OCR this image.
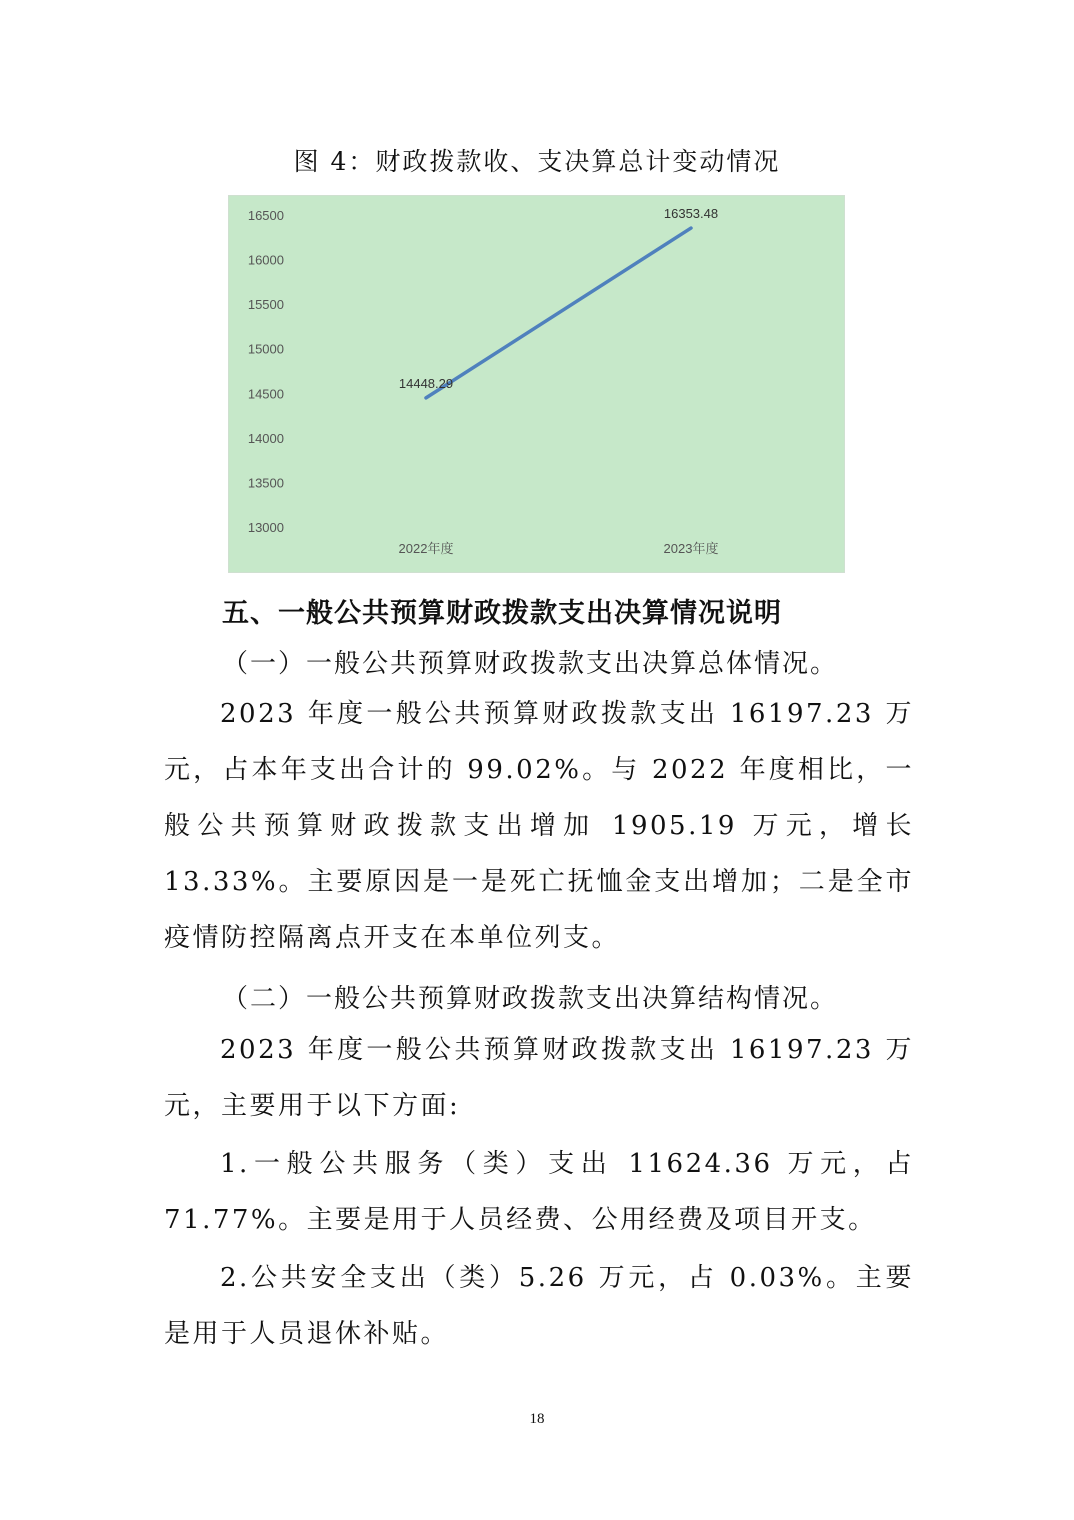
图 4：财政拨款收、支决算总计变动情况
13000
13500
14000
14500
15000
15500
16000
16500
2022年度	2023年度
14448.29
16353.48
五、一般公共预算财政拨款支出决算情况说明
（一）一般公共预算财政拨款支出决算总体情况。

2023 年度一般公共预算财政拨款支出 16197.23 万元，占本年支出合计的 99.02%。与 2022 年度相比，一般公共预算财政拨款支出增加 1905.19 万元，增长 13.33%。主要原因是一是死亡抚恤金支出增加；二是全市疫情防控隔离点开支在本单位列支。

（二）一般公共预算财政拨款支出决算结构情况。

2023 年度一般公共预算财政拨款支出 16197.23 万元，主要用于以下方面:

1.一般公共服务（类）支出 11624.36 万元，占 71.77%。主要是用于人员经费、公用经费及项目开支。

2.公共安全支出（类）5.26 万元，占 0.03%。主要是用于人员退休补贴。

18
